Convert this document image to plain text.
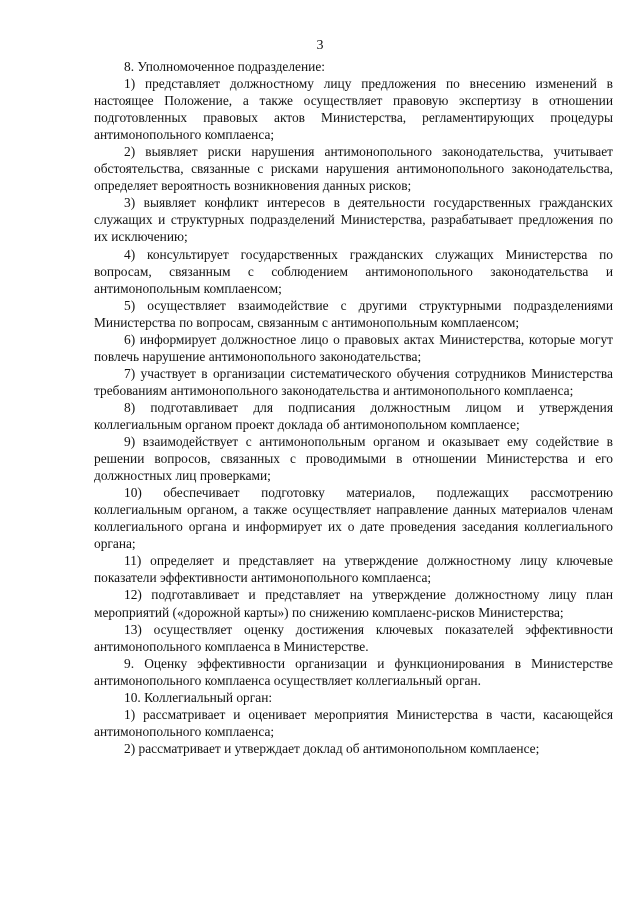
3

8. Уполномоченное подразделение:

1) представляет должностному лицу предложения по внесению изменений в настоящее Положение, а также осуществляет правовую экспертизу в отношении подготовленных правовых актов Министерства, регламентирующих процедуры антимонопольного комплаенса;

2) выявляет риски нарушения антимонопольного законодательства, учитывает обстоятельства, связанные с рисками нарушения антимонопольного законодательства, определяет вероятность возникновения данных рисков;

3) выявляет конфликт интересов в деятельности государственных гражданских служащих и структурных подразделений Министерства, разрабатывает предложения по их исключению;

4) консультирует государственных гражданских служащих Министерства по вопросам, связанным с соблюдением антимонопольного законодательства и антимонопольным комплаенсом;

5) осуществляет взаимодействие с другими структурными подразделениями Министерства по вопросам, связанным с антимонопольным комплаенсом;

6) информирует должностное лицо о правовых актах Министерства, которые могут повлечь нарушение антимонопольного законодательства;

7) участвует в организации систематического обучения сотрудников Министерства требованиям антимонопольного законодательства и антимонопольного комплаенса;

8) подготавливает для подписания должностным лицом и утверждения коллегиальным органом проект доклада об антимонопольном комплаенсе;

9) взаимодействует с антимонопольным органом и оказывает ему содействие в решении вопросов, связанных с проводимыми в отношении Министерства и его должностных лиц проверками;

10) обеспечивает подготовку материалов, подлежащих рассмотрению коллегиальным органом, а также осуществляет направление данных материалов членам коллегиального органа и информирует их о дате проведения заседания коллегиального органа;

11) определяет и представляет на утверждение должностному лицу ключевые показатели эффективности антимонопольного комплаенса;

12) подготавливает и представляет на утверждение должностному лицу план мероприятий («дорожной карты») по снижению комплаенс-рисков Министерства;

13) осуществляет оценку достижения ключевых показателей эффективности антимонопольного комплаенса в Министерстве.

9. Оценку эффективности организации и функционирования в Министерстве антимонопольного комплаенса осуществляет коллегиальный орган.

10. Коллегиальный орган:

1) рассматривает и оценивает мероприятия Министерства в части, касающейся антимонопольного комплаенса;

2) рассматривает и утверждает доклад об антимонопольном комплаенсе;
